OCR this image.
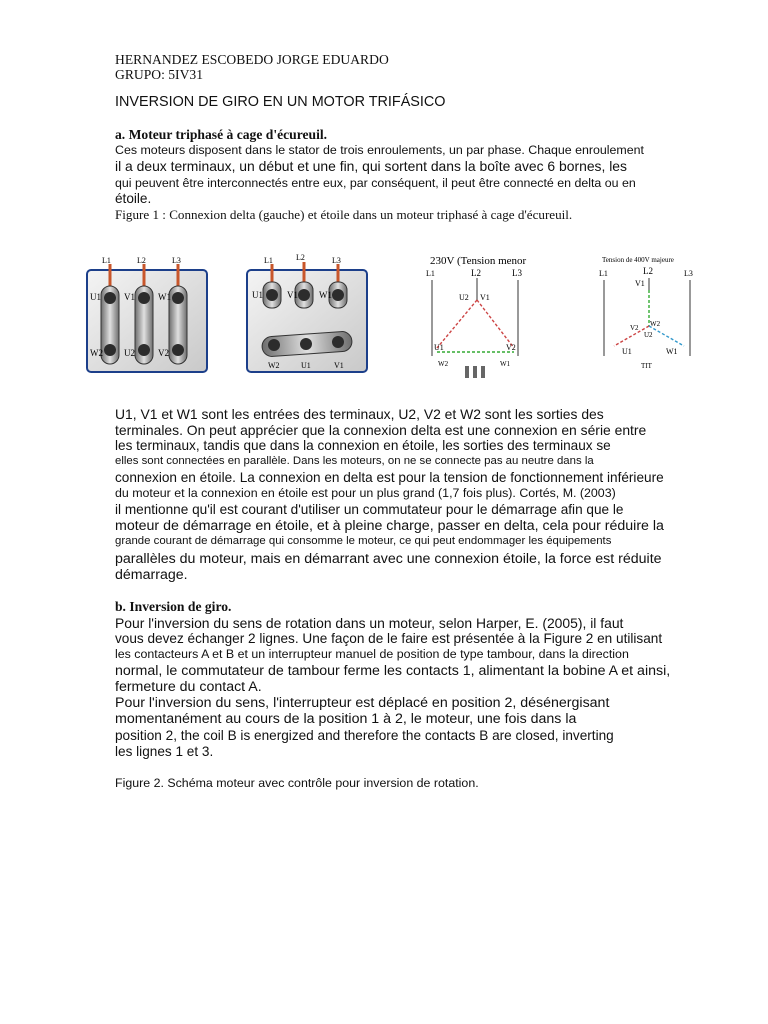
HERNANDEZ ESCOBEDO JORGE EDUARDO
GRUPO: 5IV31
INVERSION DE GIRO EN UN MOTOR TRIFÁSICO
a. Moteur triphasé à cage d'écureuil.
Ces moteurs disposent dans le stator de trois enroulements, un par phase. Chaque enroulement
il a deux terminaux, un début et une fin, qui sortent dans la boîte avec 6 bornes, les
qui peuvent être interconnectés entre eux, par conséquent, il peut être connecté en delta ou en
étoile.
Figure 1 : Connexion delta (gauche) et étoile dans un moteur triphasé à cage d'écureuil.
L1	L2	L3
U1	V1	W1
W2 U2	V2
L1	L2	L3
U1	V1 W1
W2	U1	V1
230V (Tension menor
L1	L2	L3
U2 V1
U1
W2
V2
W1
Tension de 400V majeure
L1	L2	L3
V1
W2
U2
V2
U1	W1
TIT
U1, V1 et W1 sont les entrées des terminaux, U2, V2 et W2 sont les sorties des
terminales. On peut apprécier que la connexion delta est une connexion en série entre
les terminaux, tandis que dans la connexion en étoile, les sorties des terminaux se
elles sont connectées en parallèle. Dans les moteurs, on ne se connecte pas au neutre dans la
connexion en étoile. La connexion en delta est pour la tension de fonctionnement inférieure
du moteur et la connexion en étoile est pour un plus grand (1,7 fois plus). Cortés, M. (2003)
il mentionne qu'il est courant d'utiliser un commutateur pour le démarrage afin que le
moteur de démarrage en étoile, et à pleine charge, passer en delta, cela pour réduire la
grande courant de démarrage qui consomme le moteur, ce qui peut endommager les équipements
parallèles du moteur, mais en démarrant avec une connexion étoile, la force est réduite
démarrage.
b. Inversion de giro.
Pour l'inversion du sens de rotation dans un moteur, selon Harper, E. (2005), il faut
vous devez échanger 2 lignes. Une façon de le faire est présentée à la Figure 2 en utilisant
les contacteurs A et B et un interrupteur manuel de position de type tambour, dans la direction
normal, le commutateur de tambour ferme les contacts 1, alimentant la bobine A et ainsi,
fermeture du contact A.
Pour l'inversion du sens, l'interrupteur est déplacé en position 2, désénergisant
momentanément au cours de la position 1 à 2, le moteur, une fois dans la
position 2, the coil B is energized and therefore the contacts B are closed, inverting
les lignes 1 et 3.
Figure 2. Schéma moteur avec contrôle pour inversion de rotation.
